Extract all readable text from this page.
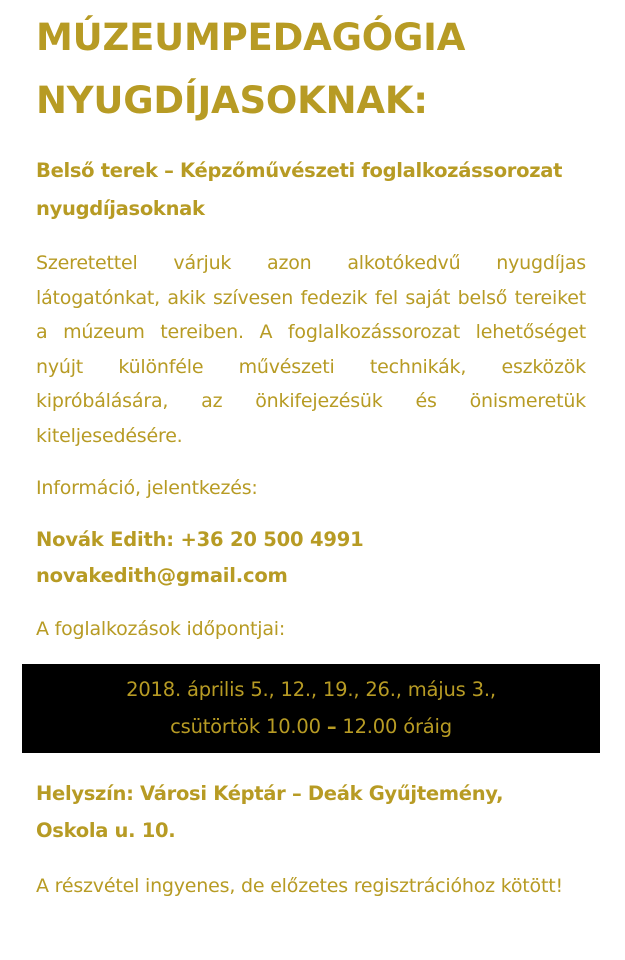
MÚZEUMPEDAGÓGIA NYUGDÍJASOKNAK:
Belső terek – Képzőművészeti foglalkozássorozat nyugdíjasoknak

Szeretettel várjuk azon alkotókedvű nyugdíjas látogatónkat, akik szívesen fedezik fel saját belső tereiket a múzeum tereiben. A foglalkozássorozat lehetőséget nyújt különféle művészeti technikák, eszközök kipróbálására, az önkifejezésük és önismeretük kiteljesedésére.

Információ, jelentkezés:

Novák Edith: +36 20 500 4991
novakedith@gmail.com

A foglalkozások időpontjai:

2018. április 5., 12., 19., 26., május 3.,
csütörtök 10.00 – 12.00 óráig

Helyszín: Városi Képtár – Deák Gyűjtemény,
Oskola u. 10.

A részvétel ingyenes, de előzetes regisztrációhoz kötött!
